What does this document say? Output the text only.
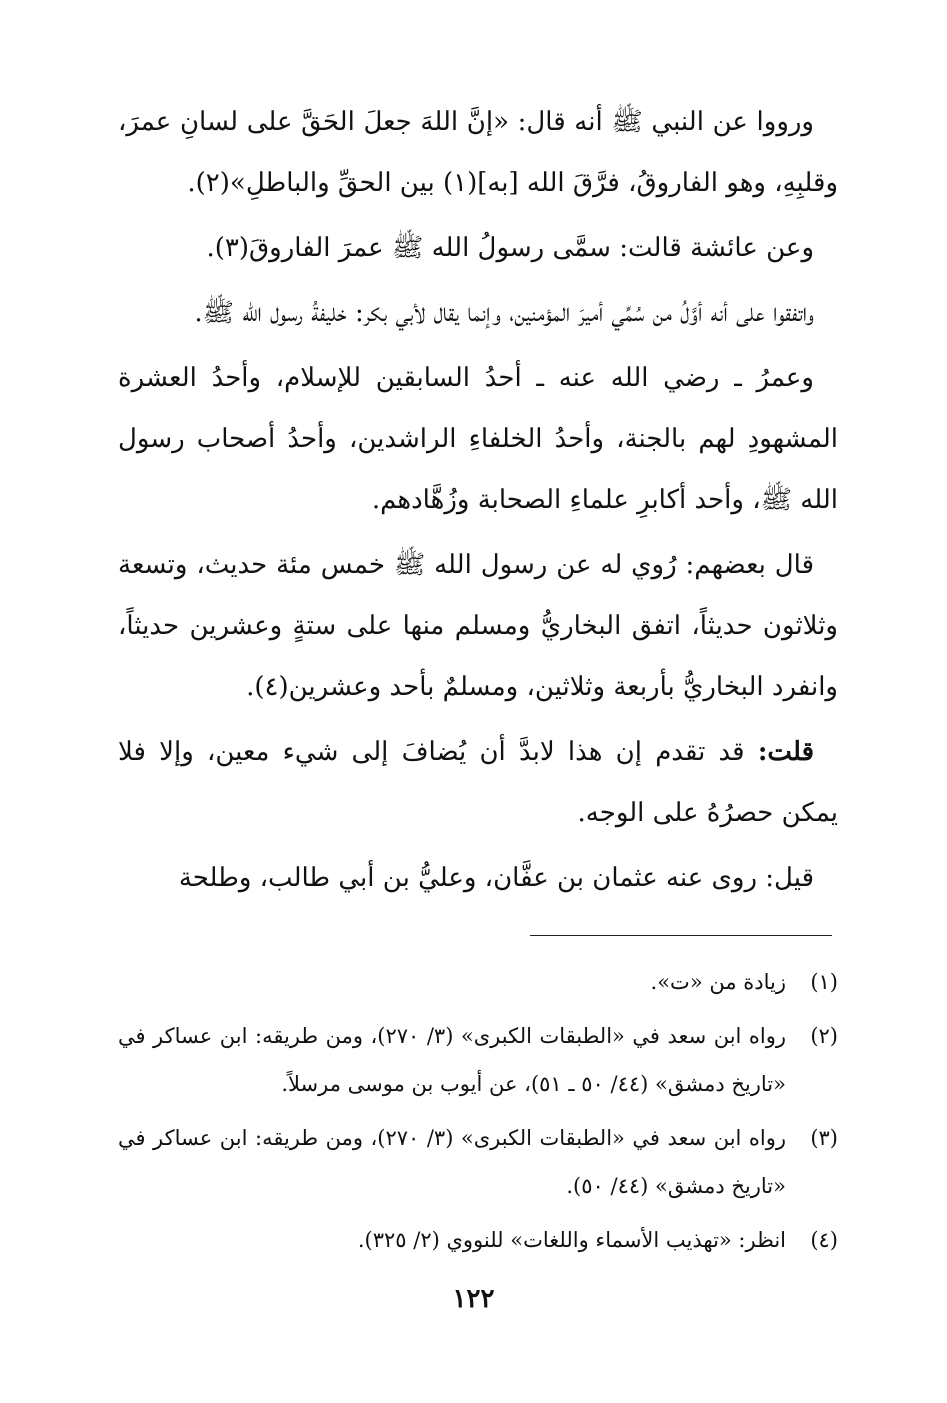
ورووا عن النبي ﷺ أنه قال: «إنَّ اللهَ جعلَ الحَقَّ على لسانِ عمرَ، وقلبِهِ، وهو الفاروقُ، فرَّقَ الله [به](١) بين الحقِّ والباطلِ»(٢).

وعن عائشة قالت: سمَّى رسولُ الله ﷺ عمرَ الفاروقَ(٣).

واتفقوا على أنه أوَّلُ من سُمِّي أميرَ المؤمنين، وإنما يقال لأبي بكر: خليفةُ رسول الله ﷺ.

وعمرُ ـ رضي الله عنه ـ أحدُ السابقين للإسلام، وأحدُ العشرة المشهودِ لهم بالجنة، وأحدُ الخلفاءِ الراشدين، وأحدُ أصحاب رسول الله ﷺ، وأحد أكابرِ علماءِ الصحابة وزُهَّادهم.

قال بعضهم: رُوي له عن رسول الله ﷺ خمس مئة حديث، وتسعة وثلاثون حديثاً، اتفق البخاريُّ ومسلم منها على ستةٍ وعشرين حديثاً، وانفرد البخاريُّ بأربعة وثلاثين، ومسلمٌ بأحد وعشرين(٤).

قلت: قد تقدم إن هذا لابدَّ أن يُضافَ إلى شيء معين، وإلا فلا يمكن حصرُهُ على الوجه.

قيل: روى عنه عثمان بن عفَّان، وعليُّ بن أبي طالب، وطلحة

(١)
زيادة من «ت».
(٢)
رواه ابن سعد في «الطبقات الكبرى» (٣/ ٢٧٠)، ومن طريقه: ابن عساكر في «تاريخ دمشق» (٤٤/ ٥٠ ـ ٥١)، عن أيوب بن موسى مرسلاً.
(٣)
رواه ابن سعد في «الطبقات الكبرى» (٣/ ٢٧٠)، ومن طريقه: ابن عساكر في «تاريخ دمشق» (٤٤/ ٥٠).
(٤)
انظر: «تهذيب الأسماء واللغات» للنووي (٢/ ٣٢٥).
١٢٢
